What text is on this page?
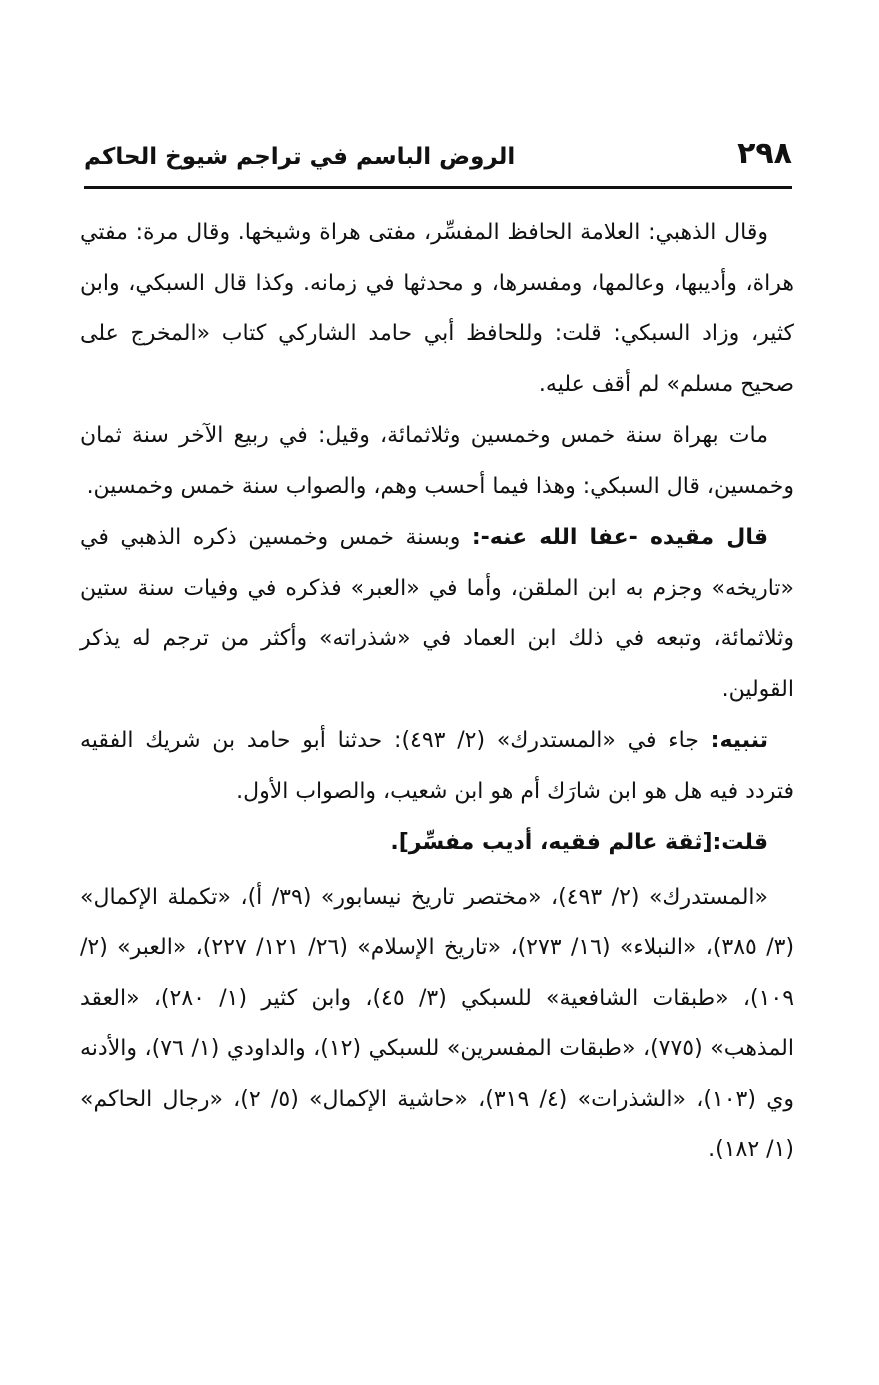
الروض الباسم في تراجم شيوخ الحاكم	٢٩٨

وقال الذهبي: العلامة الحافظ المفسِّر، مفتى هراة وشيخها. وقال مرة: مفتي هراة، وأديبها، وعالمها، ومفسرها، و محدثها في زمانه. وكذا قال السبكي، وابن كثير، وزاد السبكي: قلت: وللحافظ أبي حامد الشاركي كتاب «المخرج على صحيح مسلم» لم أقف عليه.

مات بهراة سنة خمس وخمسين وثلاثمائة، وقيل: في ربيع الآخر سنة ثمان وخمسين، قال السبكي: وهذا فيما أحسب وهم، والصواب سنة خمس وخمسين.

قال مقيده -عفا الله عنه-: وبسنة خمس وخمسين ذكره الذهبي في «تاريخه» وجزم به ابن الملقن، وأما في «العبر» فذكره في وفيات سنة ستين وثلاثمائة، وتبعه في ذلك ابن العماد في «شذراته» وأكثر من ترجم له يذكر القولين.

تنبيه: جاء في «المستدرك» (٢/ ٤٩٣): حدثنا أبو حامد بن شريك الفقيه فتردد فيه هل هو ابن شارَك أم هو ابن شعيب، والصواب الأول.

قلت:[ثقة عالم فقيه، أديب مفسِّر].

«المستدرك» (٢/ ٤٩٣)، «مختصر تاريخ نيسابور» (٣٩/ أ)، «تكملة الإكمال» (٣/ ٣٨٥)، «النبلاء» (١٦/ ٢٧٣)، «تاريخ الإسلام» (٢٦/ ١٢١/ ٢٢٧)، «العبر» (٢/ ١٠٩)، «طبقات الشافعية» للسبكي (٣/ ٤٥)، وابن كثير (١/ ٢٨٠)، «العقد المذهب» (٧٧٥)، «طبقات المفسرين» للسبكي (١٢)، والداودي (١/ ٧٦)، والأدنه وي (١٠٣)، «الشذرات» (٤/ ٣١٩)، «حاشية الإكمال» (٥/ ٢)، «رجال الحاكم» (١/ ١٨٢).
